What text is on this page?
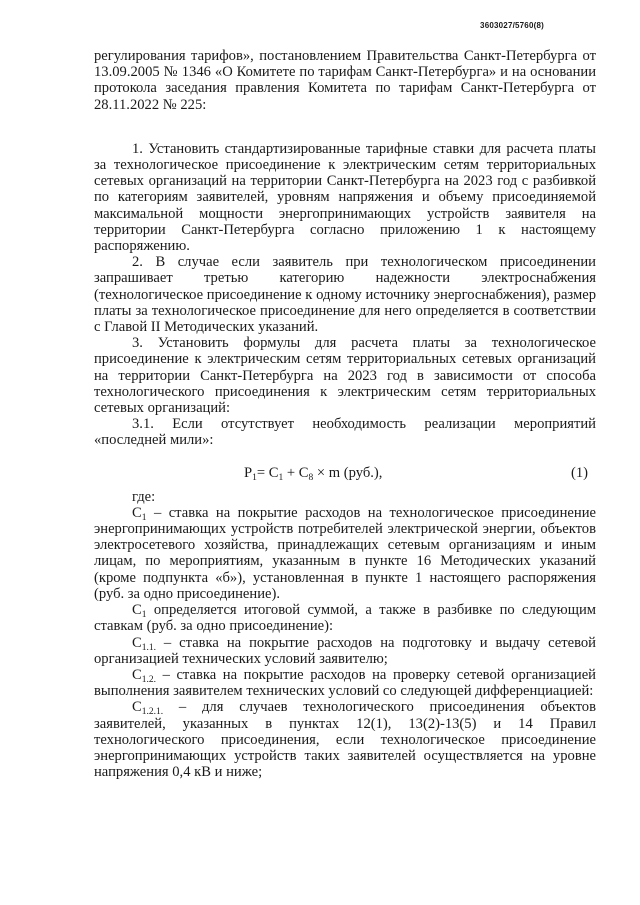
3603027/5760(8)

регулирования тарифов», постановлением Правительства Санкт-Петербурга от 13.09.2005 № 1346 «О Комитете по тарифам Санкт-Петербурга» и на основании протокола заседания правления Комитета по тарифам Санкт-Петербурга от 28.11.2022 № 225:

1. Установить стандартизированные тарифные ставки для расчета платы за технологическое присоединение к электрическим сетям территориальных сетевых организаций на территории Санкт-Петербурга на 2023 год с разбивкой по категориям заявителей, уровням напряжения и объему присоединяемой максимальной мощности энергопринимающих устройств заявителя на территории Санкт-Петербурга согласно приложению 1 к настоящему распоряжению.

2. В случае если заявитель при технологическом присоединении запрашивает третью категорию надежности электроснабжения (технологическое присоединение к одному источнику энергоснабжения), размер платы за технологическое присоединение для него определяется в соответствии с Главой II Методических указаний.

3. Установить формулы для расчета платы за технологическое присоединение к электрическим сетям территориальных сетевых организаций на территории Санкт-Петербурга на 2023 год в зависимости от способа технологического присоединения к электрическим сетям территориальных сетевых организаций:

3.1. Если отсутствует необходимость реализации мероприятий «последней мили»:

$P_1= C_1 + C_8 \times m$ (руб.),	(1)

где:

$C_1$ – ставка на покрытие расходов на технологическое присоединение энергопринимающих устройств потребителей электрической энергии, объектов электросетевого хозяйства, принадлежащих сетевым организациям и иным лицам, по мероприятиям, указанным в пункте 16 Методических указаний (кроме подпункта «б»), установленная в пункте 1 настоящего распоряжения (руб. за одно присоединение).

$C_1$ определяется итоговой суммой, а также в разбивке по следующим ставкам (руб. за одно присоединение):

$C_{1.1.}$ – ставка на покрытие расходов на подготовку и выдачу сетевой организацией технических условий заявителю;

$C_{1.2.}$ – ставка на покрытие расходов на проверку сетевой организацией выполнения заявителем технических условий со следующей дифференциацией:

$C_{1.2.1.}$ – для случаев технологического присоединения объектов заявителей, указанных в пунктах 12(1), 13(2)-13(5) и 14 Правил технологического присоединения, если технологическое присоединение энергопринимающих устройств таких заявителей осуществляется на уровне напряжения 0,4 кВ и ниже;
